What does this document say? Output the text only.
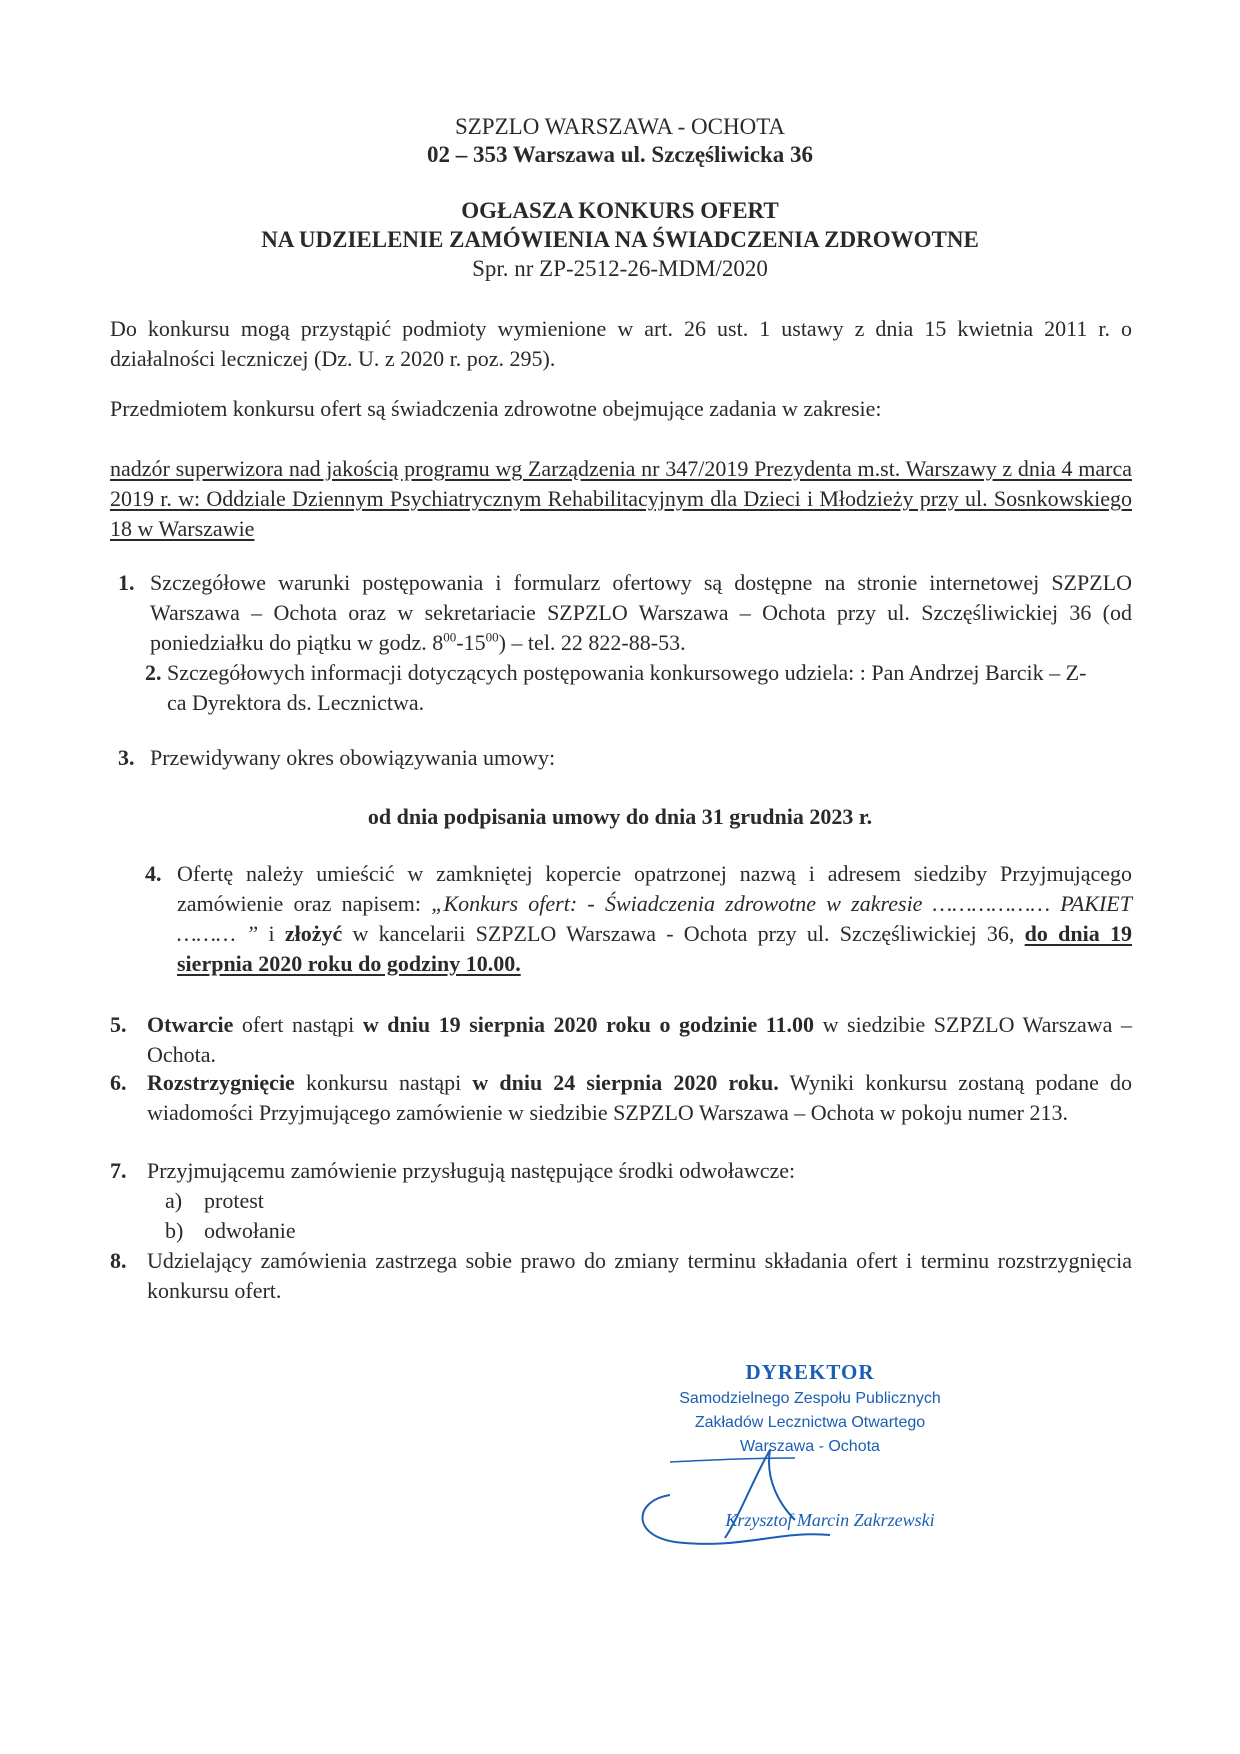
SZPZLO WARSZAWA - OCHOTA
02 – 353 Warszawa ul. Szczęśliwicka 36
OGŁASZA KONKURS OFERT
NA UDZIELENIE ZAMÓWIENIA NA ŚWIADCZENIA ZDROWOTNE
Spr. nr ZP-2512-26-MDM/2020
Do konkursu mogą przystąpić podmioty wymienione w art. 26 ust. 1 ustawy z dnia 15 kwietnia 2011 r. o działalności leczniczej (Dz. U. z 2020 r. poz. 295).
Przedmiotem konkursu ofert są świadczenia zdrowotne obejmujące zadania w zakresie:
nadzór superwizora nad jakością programu wg Zarządzenia nr 347/2019 Prezydenta m.st. Warszawy z dnia 4 marca 2019 r. w: Oddziale Dziennym Psychiatrycznym Rehabilitacyjnym dla Dzieci i Młodzieży przy ul. Sosnkowskiego 18 w Warszawie
1. Szczegółowe warunki postępowania i formularz ofertowy są dostępne na stronie internetowej SZPZLO Warszawa – Ochota oraz w sekretariacie SZPZLO Warszawa – Ochota przy ul. Szczęśliwickiej 36 (od poniedziałku do piątku w godz. $8^{00}-15^{00}$) – tel. 22 822-88-53.
2. Szczegółowych informacji dotyczących postępowania konkursowego udziela: : Pan Andrzej Barcik – Z-ca Dyrektora ds. Lecznictwa.
3. Przewidywany okres obowiązywania umowy:
od dnia podpisania umowy do dnia 31 grudnia 2023 r.
4. Ofertę należy umieścić w zamkniętej kopercie opatrzonej nazwą i adresem siedziby Przyjmującego zamówienie oraz napisem: „Konkurs ofert: - Świadczenia zdrowotne w zakresie ……………… PAKIET ……… ” i złożyć w kancelarii SZPZLO Warszawa - Ochota przy ul. Szczęśliwickiej 36, do dnia 19 sierpnia 2020 roku do godziny 10.00.
5. Otwarcie ofert nastąpi w dniu 19 sierpnia 2020 roku o godzinie 11.00 w siedzibie SZPZLO Warszawa – Ochota.
6. Rozstrzygnięcie konkursu nastąpi w dniu 24 sierpnia 2020 roku. Wyniki konkursu zostaną podane do wiadomości Przyjmującego zamówienie w siedzibie SZPZLO Warszawa – Ochota w pokoju numer 213.
7. Przyjmującemu zamówienie przysługują następujące środki odwoławcze:
a) protest
b) odwołanie
8. Udzielający zamówienia zastrzega sobie prawo do zmiany terminu składania ofert i terminu rozstrzygnięcia konkursu ofert.
DYREKTOR
Samodzielnego Zespołu Publicznych
Zakładów Lecznictwa Otwartego
Warszawa - Ochota
Krzysztof Marcin Zakrzewski
